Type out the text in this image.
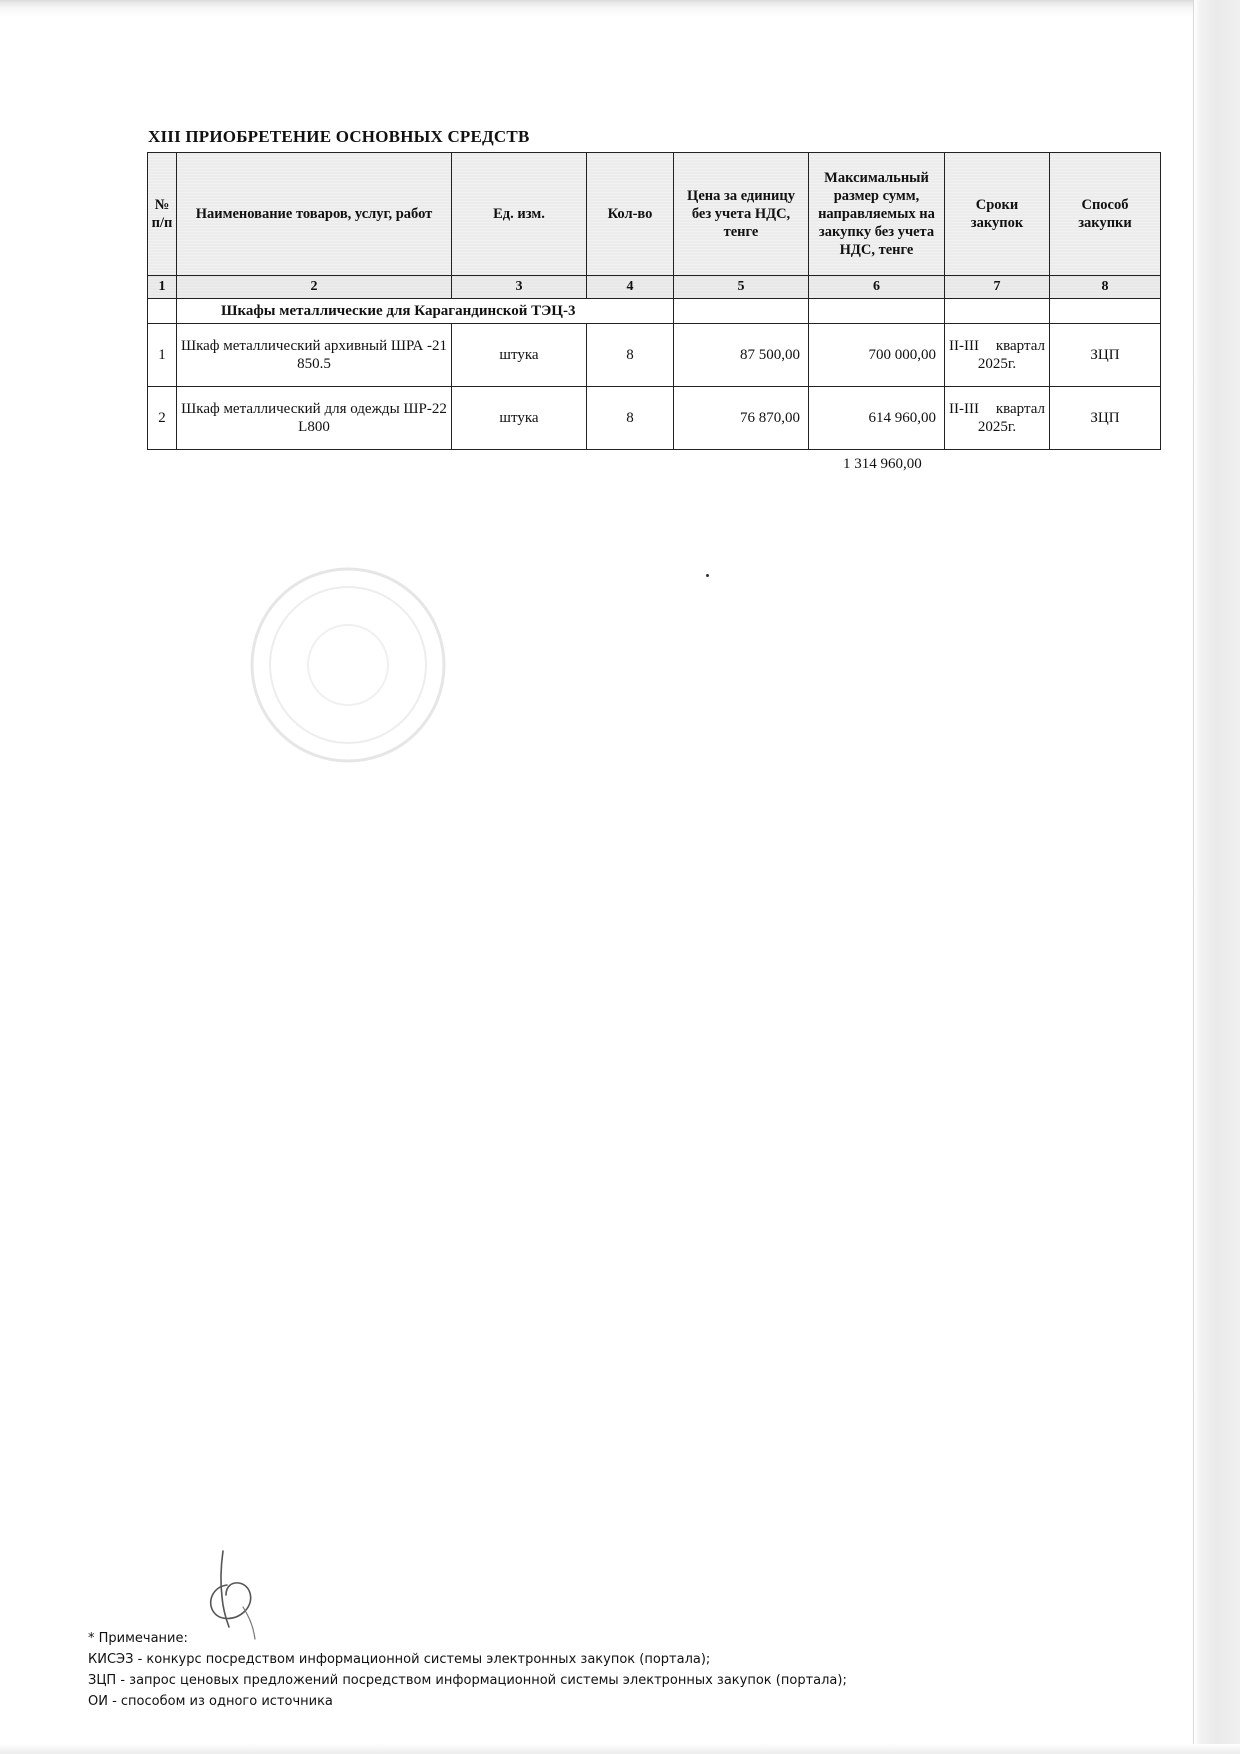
XIII ПРИОБРЕТЕНИЕ ОСНОВНЫХ СРЕДСТВ
№ п/п	Наименование товаров, услуг, работ	Ед. изм.	Кол-во	Цена за единицу без учета НДС, тенге	Максимальный размер сумм, направляемых на закупку без учета НДС, тенге	Сроки закупок	Способ закупки
1	2	3	4	5	6	7	8
	Шкафы металлические для Карагандинской ТЭЦ-3						
1	Шкаф металлический архивный ШРА -21 850.5	штука	8	87 500,00	700 000,00	II-III квартал 2025г.	ЗЦП
2	Шкаф металлический для одежды ШР-22 L800	штука	8	76 870,00	614 960,00	II-III квартал 2025г.	ЗЦП
1 314 960,00

* Примечание:

КИСЭЗ - конкурс посредством информационной системы электронных закупок (портала);

ЗЦП - запрос ценовых предложений посредством информационной системы электронных закупок (портала);

ОИ - способом из одного источника
